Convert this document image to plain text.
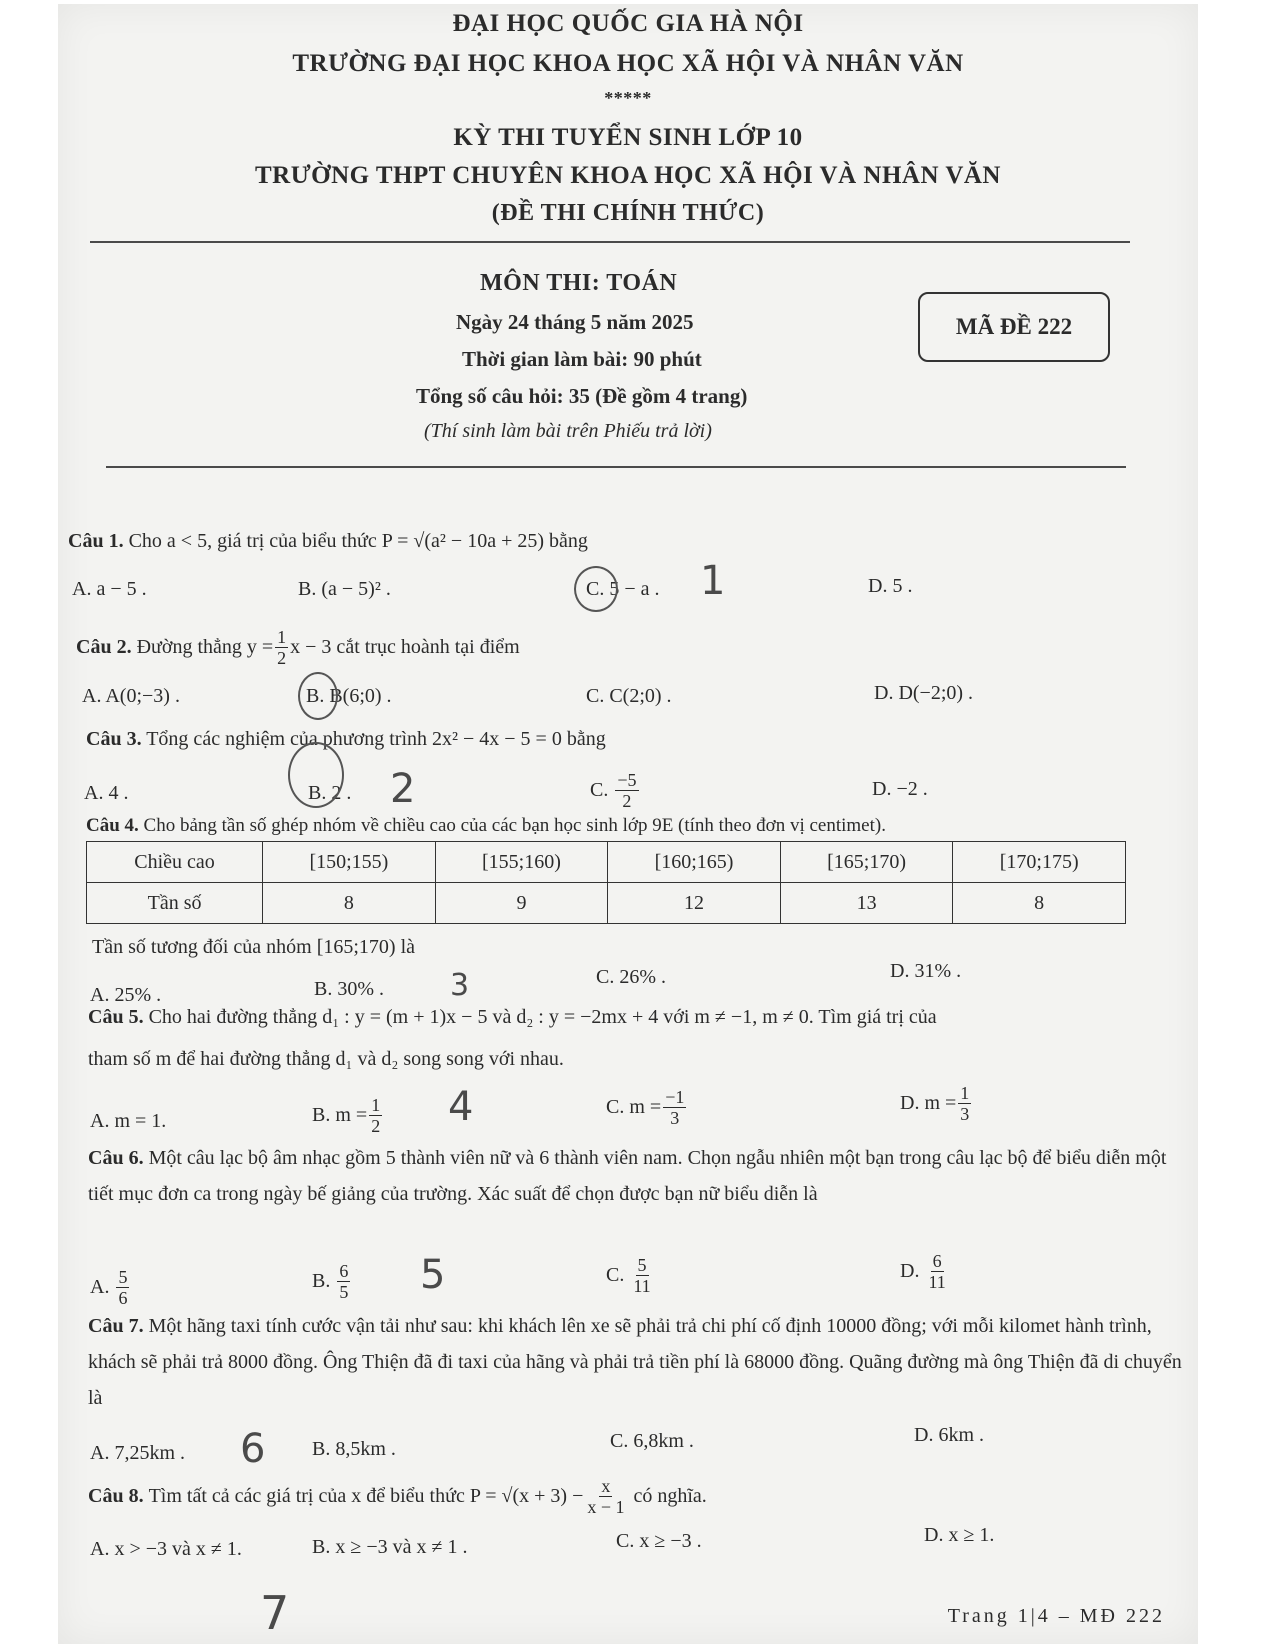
ĐẠI HỌC QUỐC GIA HÀ NỘI
TRƯỜNG ĐẠI HỌC KHOA HỌC XÃ HỘI VÀ NHÂN VĂN
*****
KỲ THI TUYỂN SINH LỚP 10
TRƯỜNG THPT CHUYÊN KHOA HỌC XÃ HỘI VÀ NHÂN VĂN
(ĐỀ THI CHÍNH THỨC)
MÔN THI: TOÁN
Ngày 24 tháng 5 năm 2025
Thời gian làm bài: 90 phút
Tổng số câu hỏi: 35 (Đề gồm 4 trang)
(Thí sinh làm bài trên Phiếu trả lời)
MÃ ĐỀ 222
Câu 1. Cho a < 5, giá trị của biểu thức P = √(a² − 10a + 25) bằng
A. a − 5 .	B. (a − 5)² .	C. 5 − a .	D. 5 .
1
Câu 2.
Đường thẳng $y = \frac{1}{2}$ x − 3 cắt trục hoành tại điểm
A. A(0;−3) .	B. B(6;0) .	C. C(2;0) .	D. D(−2;0) .
Câu 3. Tổng các nghiệm của phương trình 2x² − 4x − 5 = 0 bằng
A. 4 .	B. 2 .	C.
$\frac{-5}{2}$	D. −2 .
2
Câu 4. Cho bảng tần số ghép nhóm về chiều cao của các bạn học sinh lớp 9E (tính theo đơn vị centimet).
Chiều cao	[150;155)	[155;160)	[160;165)	[165;170)	[170;175)
Tần số	8	9	12	13	8
Tần số tương đối của nhóm [165;170) là
A. 25% .	B. 30% .
C. 26% .	D. 31% .
3
Câu 5. Cho hai đường thẳng d₁ : y = (m + 1)x − 5 và d₂ : y = −2mx + 4 với m ≠ −1, m ≠ 0. Tìm giá trị của
tham số m để hai đường thẳng d₁ và d₂ song song với nhau.
A. m = 1.	B. $m = \frac{1}{2}$	C. $m = \frac{-1}{3}$	D. $m = \frac{1}{3}$
4
Câu 6. Một câu lạc bộ âm nhạc gồm 5 thành viên nữ và 6 thành viên nam. Chọn ngẫu nhiên một bạn trong câu lạc bộ để biểu diễn một tiết mục đơn ca trong ngày bế giảng của trường. Xác suất để chọn được bạn nữ biểu diễn là
A.
$\frac{5}{6}$	B.
$\frac{6}{5}$	C.
$\frac{5}{11}$	D.
$\frac{6}{11}$
5
Câu 7. Một hãng taxi tính cước vận tải như sau: khi khách lên xe sẽ phải trả chi phí cố định 10000 đồng; với mỗi kilomet hành trình, khách sẽ phải trả 8000 đồng. Ông Thiện đã đi taxi của hãng và phải trả tiền phí là 68000 đồng. Quãng đường mà ông Thiện đã di chuyển là
A. 7,25km .	B. 8,5km .	C. 6,8km .	D. 6km .
6
Câu 8.
Tìm tất cả các giá trị của x để biểu thức $P = √(x + 3) - \frac{x}{x - 1}$
có nghĩa.
A. x > −3 và x ≠ 1.	B. x ≥ −3 và x ≠ 1 .	C. x ≥ −3 .	D. x ≥ 1.
7	Trang 1|4 – MĐ 222
